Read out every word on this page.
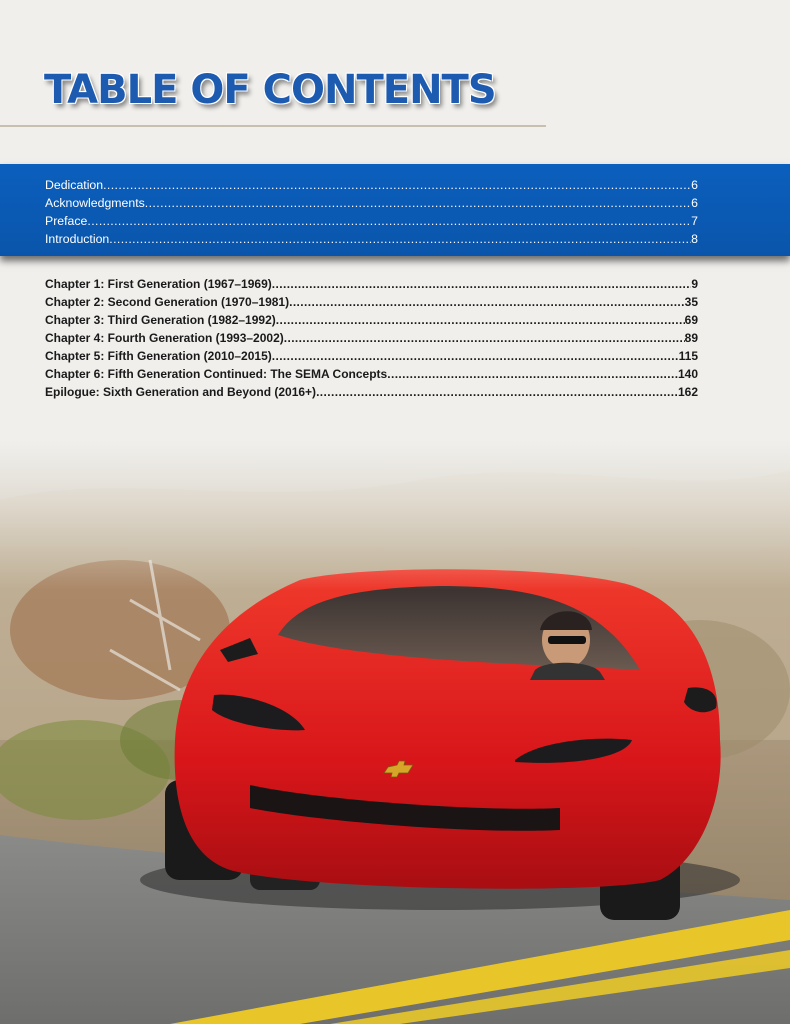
TABLE OF CONTENTS
Dedication .....	6
Acknowledgments .....	6
Preface .....	7
Introduction .....	8
Chapter 1: First Generation (1967–1969) .....	9
Chapter 2: Second Generation (1970–1981) .....	35
Chapter 3: Third Generation (1982–1992) .....	69
Chapter 4: Fourth Generation (1993–2002) .....	89
Chapter 5: Fifth Generation (2010–2015) .....	115
Chapter 6: Fifth Generation Continued: The SEMA Concepts .....	140
Epilogue: Sixth Generation and Beyond (2016+) .....	162
